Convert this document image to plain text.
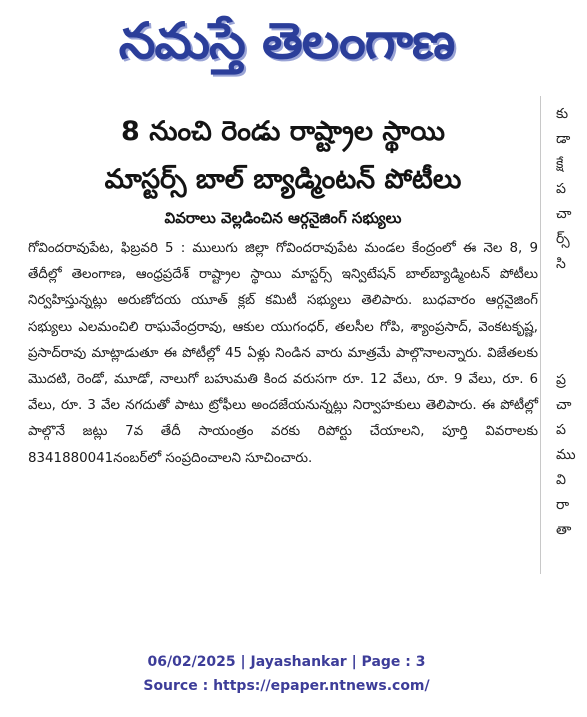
నమస్తే తెలంగాణ
8 నుంచి రెండు రాష్ట్రాల స్థాయి
మాస్టర్స్ బాల్ బ్యాడ్మింటన్ పోటీలు
వివరాలు వెల్లడించిన ఆర్గనైజింగ్ సభ్యులు

గోవిందరావుపేట, ఫిబ్రవరి 5 : ములుగు జిల్లా గోవిందరావుపేట మండల కేంద్రంలో ఈ నెల 8, 9 తేదీల్లో తెలంగాణ, ఆంధ్రప్రదేశ్ రాష్ట్రాల స్థాయి మాస్టర్స్ ఇన్విటేషన్ బాల్‌బ్యాడ్మింటన్ పోటీలు నిర్వహిస్తున్నట్లు అరుణోదయ యూత్ క్లబ్ కమిటీ సభ్యులు తెలిపారు. బుధవారం ఆర్గనైజింగ్ సభ్యులు ఎలమంచిలి రాఘవేంద్రరావు, ఆకుల యుగంధర్, తలసీల గోపి, శ్యాంప్రసాద్, వెంకటకృష్ణ, ప్రసాద్‌రావు మాట్లాడుతూ ఈ పోటీల్లో 45 ఏళ్లు నిండిన వారు మాత్రమే పాల్గొనాలన్నారు. విజేతలకు మొదటి, రెండో, మూడో, నాలుగో బహుమతి కింద వరుసగా రూ. 12 వేలు, రూ. 9 వేలు, రూ. 6 వేలు, రూ. 3 వేల నగదుతో పాటు ట్రోఫీలు అందజేయనున్నట్లు నిర్వాహకులు తెలిపారు. ఈ పోటీల్లో పాల్గొనే జట్లు 7వ తేదీ సాయంత్రం వరకు రిపోర్టు చేయాలని, పూర్తి వివరాలకు 8341880041నంబర్‌లో సంప్రదించాలని సూచించారు.

కు
డా
క్షే
ప
చా
ర్స్
సి
ప్ర
చా
ప
ము
వి
రా
తా
06/02/2025 | Jayashankar | Page : 3
Source : https://epaper.ntnews.com/
